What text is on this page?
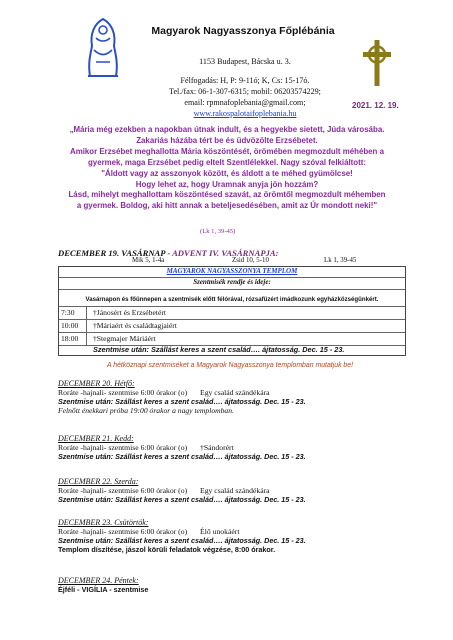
Magyarok Nagyasszonya Főplébánia
1153 Budapest, Bácska u. 3.
Félfogadás: H, P: 9-11ó; K, Cs: 15-17ó.
Tel./fax: 06-1-307-6315; mobil: 06203574229;
email: rpmnafoplebania@gmail.com;
www.rakospalotaifoplebania.hu
2021. 12. 19.
„Mária még ezekben a napokban útnak indult, és a hegyekbe sietett, Júda városába.
Zakariás házába tért be és üdvözölte Erzsébetet.
Amikor Erzsébet meghallotta Mária köszöntését, örömében megmozdult méhében a
gyermek, maga Erzsébet pedig eltelt Szentlélekkel. Nagy szóval felkiáltott:
"Áldott vagy az asszonyok között, és áldott a te méhed gyümölcse!
Hogy lehet az, hogy Uramnak anyja jön hozzám?
Lásd, mihelyt meghallottam köszöntésed szavát, az örömtől megmozdult méhemben
a gyermek. Boldog, aki hitt annak a beteljesedésében, amit az Úr mondott neki!"
(Lk 1, 39-45)
DECEMBER 19. VASÁRNAP - ADVENT IV. VASÁRNAPJA:
Mik 5, 1-4a	Zsid 10, 5-10	Lk 1, 39-45
MAGYAROK NAGYASSZONYA TEMPLOM
Szentmisék rendje és ideje:
Vasárnapon és főünnepen a szentmisék előtt félórával, rózsafüzért imádkozunk egyházközségünkért.
7:30	†Jánosért és Erzsébetért
10:00	†Máriaért és családtagjaiért
18:00	†Stegmajer Máriáért
Szentmise után: Szállást keres a szent család…. ájtatosság. Dec. 15 - 23.
A hétköznapi szentmiséket a Magyarok Nagyasszonya templomban mutatjuk be!
DECEMBER 20. Hétfő:
Roráte -hajnali- szentmise 6:00 órakor (o) Egy család szándékára
Szentmise után: Szállást keres a szent család…. ájtatosság. Dec. 15 - 23.
Felnőtt énekkari próba 19:00 órakor a nagy templomban.
DECEMBER 21. Kedd:
Roráte -hajnali- szentmise 6:00 órakor (o) †Sándorért
Szentmise után: Szállást keres a szent család…. ájtatosság. Dec. 15 - 23.
DECEMBER 22. Szerda:
Roráte -hajnali- szentmise 6:00 órakor (o) Egy család szándékára
Szentmise után: Szállást keres a szent család…. ájtatosság. Dec. 15 - 23.
DECEMBER 23. Csütörtök:
Roráte -hajnali- szentmise 6:00 órakor (o) Élő unokáért
Szentmise után: Szállást keres a szent család…. ájtatosság. Dec. 15 - 23.
Templom díszítése, jászol körüli feladatok végzése, 8:00 órakor.
DECEMBER 24. Péntek:
Éjféli - VIGÍLIA - szentmise
